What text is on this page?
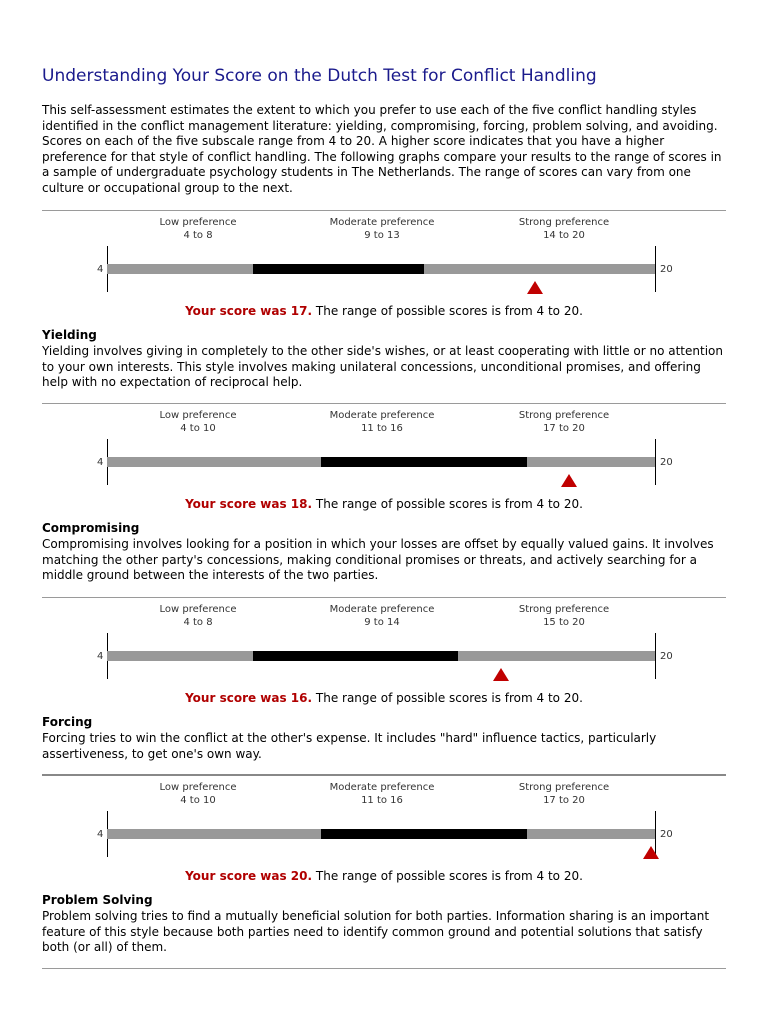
Understanding Your Score on the Dutch Test for Conflict Handling

This self-assessment estimates the extent to which you prefer to use each of the five conflict handling styles identified in the conflict management literature: yielding, compromising, forcing, problem solving, and avoiding. Scores on each of the five subscale range from 4 to 20. A higher score indicates that you have a higher preference for that style of conflict handling. The following graphs compare your results to the range of scores in a sample of undergraduate psychology students in The Netherlands. The range of scores can vary from one culture or occupational group to the next.

Low preference
4 to 8
Moderate preference
9 to 13
Strong preference
14 to 20
4	20
Your score was 17. The range of possible scores is from 4 to 20.
Yielding

Yielding involves giving in completely to the other side's wishes, or at least cooperating with little or no attention to your own interests. This style involves making unilateral concessions, unconditional promises, and offering help with no expectation of reciprocal help.

Low preference
4 to 10
Moderate preference
11 to 16
Strong preference
17 to 20
4	20
Your score was 18. The range of possible scores is from 4 to 20.
Compromising

Compromising involves looking for a position in which your losses are offset by equally valued gains. It involves matching the other party's concessions, making conditional promises or threats, and actively searching for a middle ground between the interests of the two parties.

Low preference
4 to 8
Moderate preference
9 to 14
Strong preference
15 to 20
4	20
Your score was 16. The range of possible scores is from 4 to 20.
Forcing

Forcing tries to win the conflict at the other's expense. It includes "hard" influence tactics, particularly assertiveness, to get one's own way.

Low preference
4 to 10
Moderate preference
11 to 16
Strong preference
17 to 20
4	20
Your score was 20. The range of possible scores is from 4 to 20.
Problem Solving

Problem solving tries to find a mutually beneficial solution for both parties. Information sharing is an important feature of this style because both parties need to identify common ground and potential solutions that satisfy both (or all) of them.
